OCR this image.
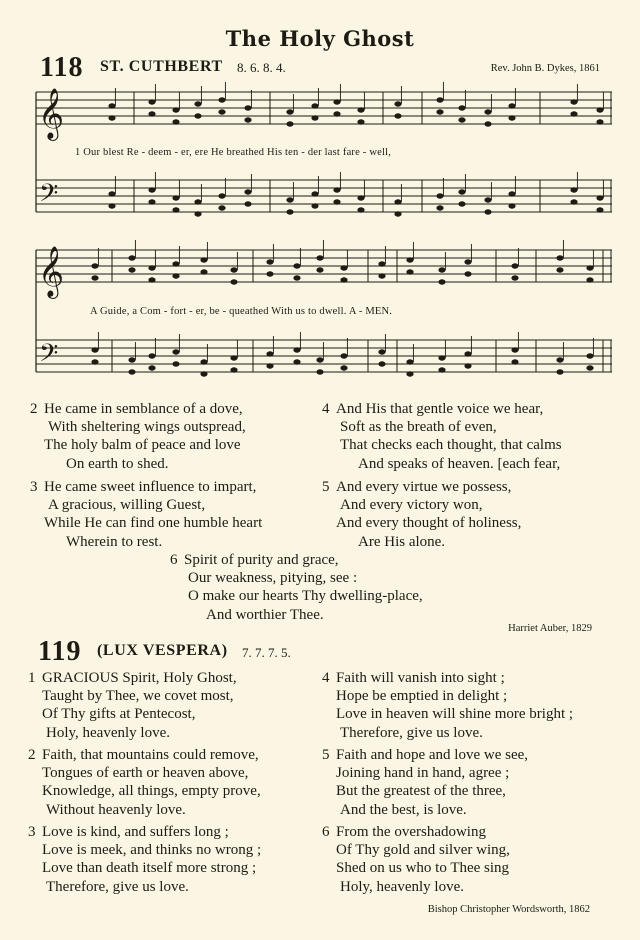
The Holy Ghost
118 ST. CUTHBERT 8. 6. 8. 4.	Rev. John B. Dykes, 1861
𝄞
𝄢
𝄞
𝄢
1 Our blest Re - deem - er, ere He breathed His ten - der last fare - well,
A Guide, a Com - fort - er, be - queathed With us to dwell. A - MEN.
2 He came in semblance of a dove,
With sheltering wings outspread,
The holy balm of peace and love
On earth to shed.
3 He came sweet influence to impart,
A gracious, willing Guest,
While He can find one humble heart
Wherein to rest.
4 And His that gentle voice we hear,
Soft as the breath of even,
That checks each thought, that calms
And speaks of heaven. [each fear,
5 And every virtue we possess,
And every victory won,
And every thought of holiness,
Are His alone.
6 Spirit of purity and grace,
Our weakness, pitying, see :
O make our hearts Thy dwelling-place,
And worthier Thee.
Harriet Auber, 1829
119 (LUX VESPERA) 7. 7. 7. 5.
1 GRACIOUS Spirit, Holy Ghost,
Taught by Thee, we covet most,
Of Thy gifts at Pentecost,
Holy, heavenly love.
2 Faith, that mountains could remove,
Tongues of earth or heaven above,
Knowledge, all things, empty prove,
Without heavenly love.
3 Love is kind, and suffers long ;
Love is meek, and thinks no wrong ;
Love than death itself more strong ;
Therefore, give us love.
4 Faith will vanish into sight ;
Hope be emptied in delight ;
Love in heaven will shine more bright ;
Therefore, give us love.
5 Faith and hope and love we see,
Joining hand in hand, agree ;
But the greatest of the three,
And the best, is love.
6 From the overshadowing
Of Thy gold and silver wing,
Shed on us who to Thee sing
Holy, heavenly love.
Bishop Christopher Wordsworth, 1862
